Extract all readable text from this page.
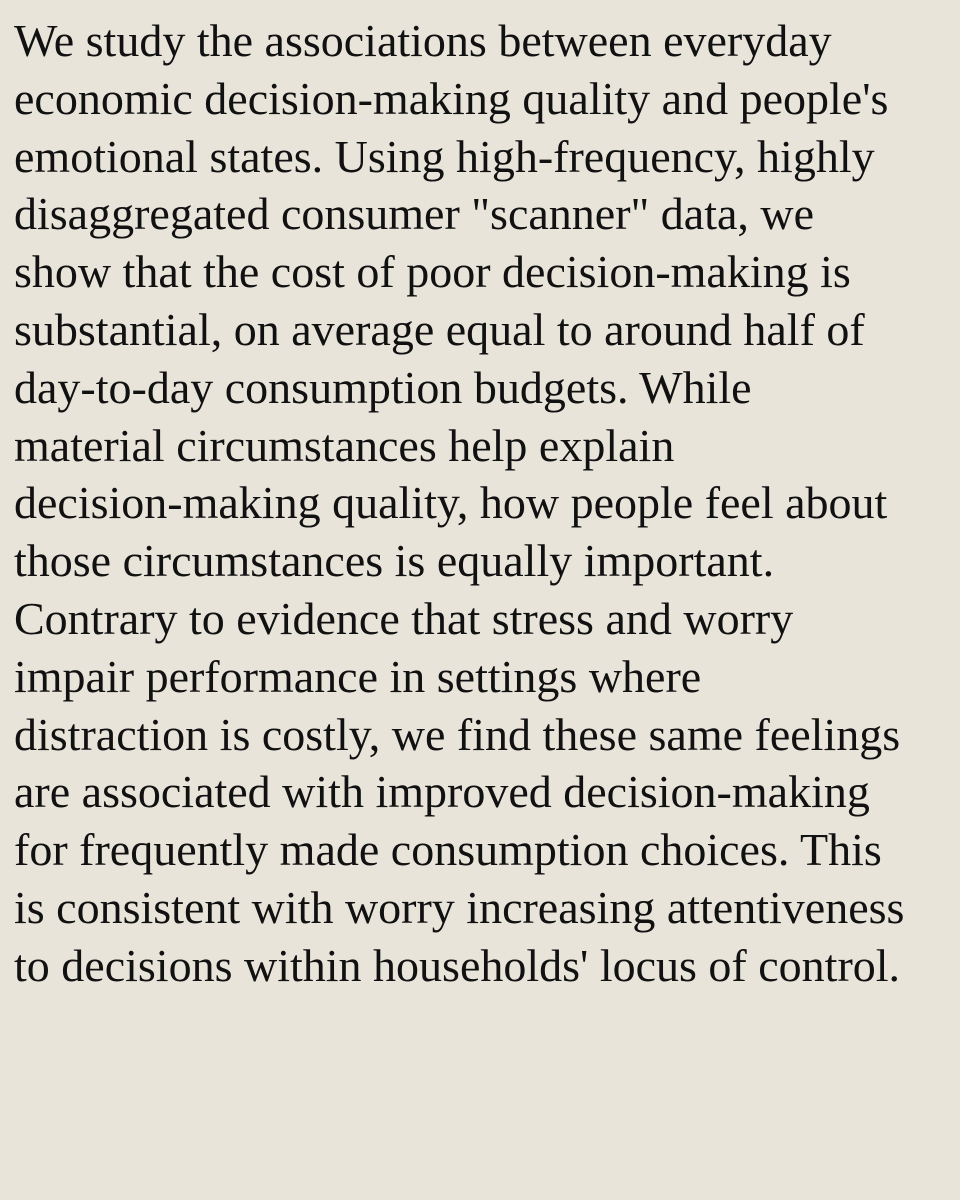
We study the associations between everyday
economic decision-making quality and people's
emotional states. Using high-frequency, highly
disaggregated consumer "scanner" data, we
show that the cost of poor decision-making is
substantial, on average equal to around half of
day-to-day consumption budgets. While
material circumstances help explain
decision-making quality, how people feel about
those circumstances is equally important.
Contrary to evidence that stress and worry
impair performance in settings where
distraction is costly, we find these same feelings
are associated with improved decision-making
for frequently made consumption choices. This
is consistent with worry increasing attentiveness
to decisions within households' locus of control.
